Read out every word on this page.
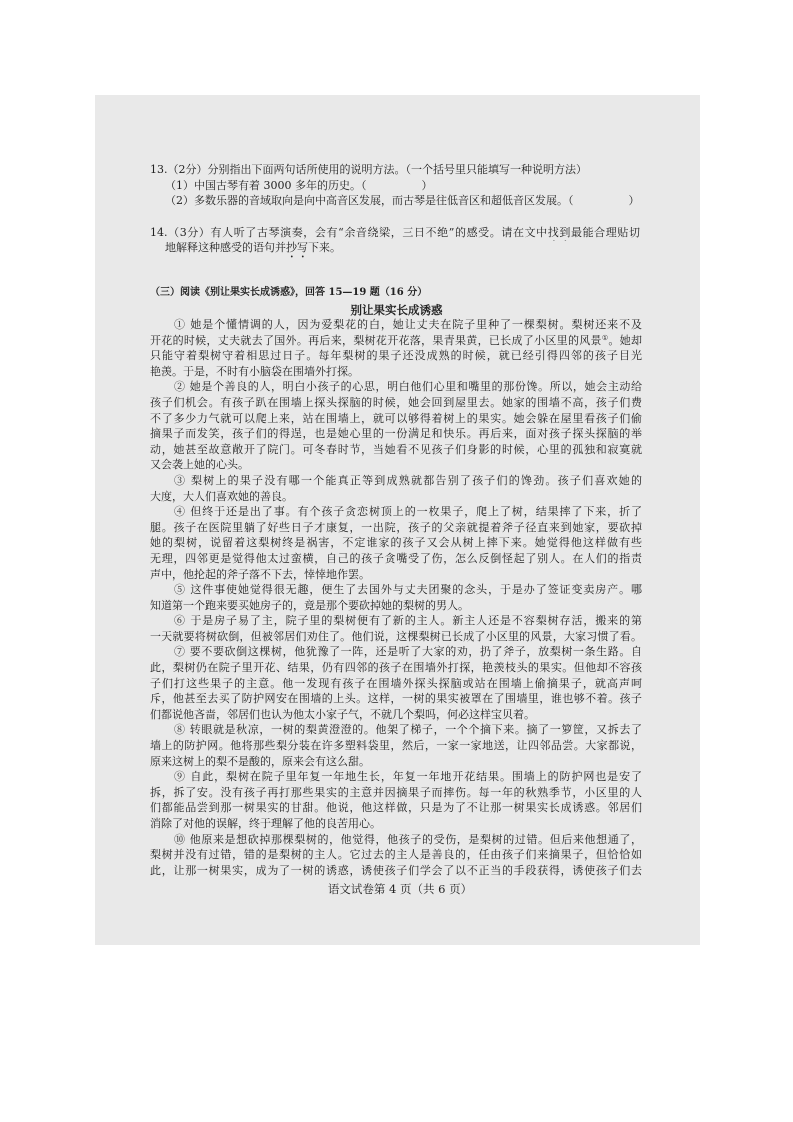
13.（2分）分别指出下面两句话所使用的说明方法。（一个括号里只能填写一种说明方法）
（1）中国古琴有着 3000 多年的历史。（　　　　　）
（2）多数乐器的音域取向是向中高音区发展，而古琴是往低音区和超低音区发展。（　　　　　）
14.（3分）有人听了古琴演奏，会有“余音绕梁，三日不绝”的感受。请在文中找到最能合理贴切
地解释这种感受的语句并抄写下来。
（三）阅读《别让果实长成诱惑》，回答 15—19 题（16 分）
别让果实长成诱惑
① 她是个懂情调的人，因为爱梨花的白，她让丈夫在院子里种了一棵梨树。梨树还来不及
开花的时候，丈夫就去了国外。再后来，梨树花开花落，果青果黄，已长成了小区里的风景①。她却
只能守着梨树守着相思过日子。每年梨树的果子还没成熟的时候，就已经引得四邻的孩子目光
艳羡。于是，不时有小脑袋在围墙外打探。
② 她是个善良的人，明白小孩子的心思，明白他们心里和嘴里的那份馋。所以，她会主动给
孩子们机会。有孩子趴在围墙上探头探脑的时候，她会回到屋里去。她家的围墙不高，孩子们费
不了多少力气就可以爬上来，站在围墙上，就可以够得着树上的果实。她会躲在屋里看孩子们偷
摘果子而发笑，孩子们的得逞，也是她心里的一份满足和快乐。再后来，面对孩子探头探脑的举
动，她甚至故意敞开了院门。可冬春时节，当她看不见孩子们身影的时候，心里的孤独和寂寞就
又会袭上她的心头。
③ 梨树上的果子没有哪一个能真正等到成熟就都告别了孩子们的馋劲。孩子们喜欢她的
大度，大人们喜欢她的善良。
④ 但终于还是出了事。有个孩子贪恋树顶上的一枚果子，爬上了树，结果摔了下来，折了
腿。孩子在医院里躺了好些日子才康复，一出院，孩子的父亲就提着斧子径直来到她家，要砍掉
她的梨树，说留着这梨树终是祸害，不定谁家的孩子又会从树上摔下来。她觉得他这样做有些
无理，四邻更是觉得他太过蛮横，自己的孩子贪嘴受了伤，怎么反倒怪起了别人。在人们的指责
声中，他抡起的斧子落不下去，悻悻地作罢。
⑤ 这件事使她觉得很无趣，便生了去国外与丈夫团聚的念头，于是办了签证变卖房产。哪
知道第一个跑来要买她房子的，竟是那个要砍掉她的梨树的男人。
⑥ 于是房子易了主，院子里的梨树便有了新的主人。新主人还是不容梨树存活，搬来的第
一天就要将树砍倒，但被邻居们劝住了。他们说，这棵梨树已长成了小区里的风景，大家习惯了看。
⑦ 要不要砍倒这棵树，他犹豫了一阵，还是听了大家的劝，扔了斧子，放梨树一条生路。自
此，梨树仍在院子里开花、结果，仍有四邻的孩子在围墙外打探，艳羡枝头的果实。但他却不容孩
子们打这些果子的主意。他一发现有孩子在围墙外探头探脑或站在围墙上偷摘果子，就高声呵
斥，他甚至去买了防护网安在围墙的上头。这样，一树的果实被罩在了围墙里，谁也够不着。孩子
们都说他吝啬，邻居们也认为他太小家子气，不就几个梨吗，何必这样宝贝着。
⑧ 转眼就是秋凉，一树的梨黄澄澄的。他架了梯子，一个个摘下来。摘了一箩筐，又拆去了
墙上的防护网。他将那些梨分装在许多塑料袋里，然后，一家一家地送，让四邻品尝。大家都说，
原来这树上的梨不是酸的，原来会有这么甜。
⑨ 自此，梨树在院子里年复一年地生长，年复一年地开花结果。围墙上的防护网也是安了
拆，拆了安。没有孩子再打那些果实的主意并因摘果子而摔伤。每一年的秋熟季节，小区里的人
们都能品尝到那一树果实的甘甜。他说，他这样做，只是为了不让那一树果实长成诱惑。邻居们
消除了对他的误解，终于理解了他的良苦用心。
⑩ 他原来是想砍掉那棵梨树的，他觉得，他孩子的受伤，是梨树的过错。但后来他想通了，
梨树并没有过错，错的是梨树的主人。它过去的主人是善良的，任由孩子们来摘果子，但恰恰如
此，让那一树果实，成为了一树的诱惑，诱使孩子们学会了以不正当的手段获得，诱使孩子们去
语文试卷第 4 页（共 6 页）
